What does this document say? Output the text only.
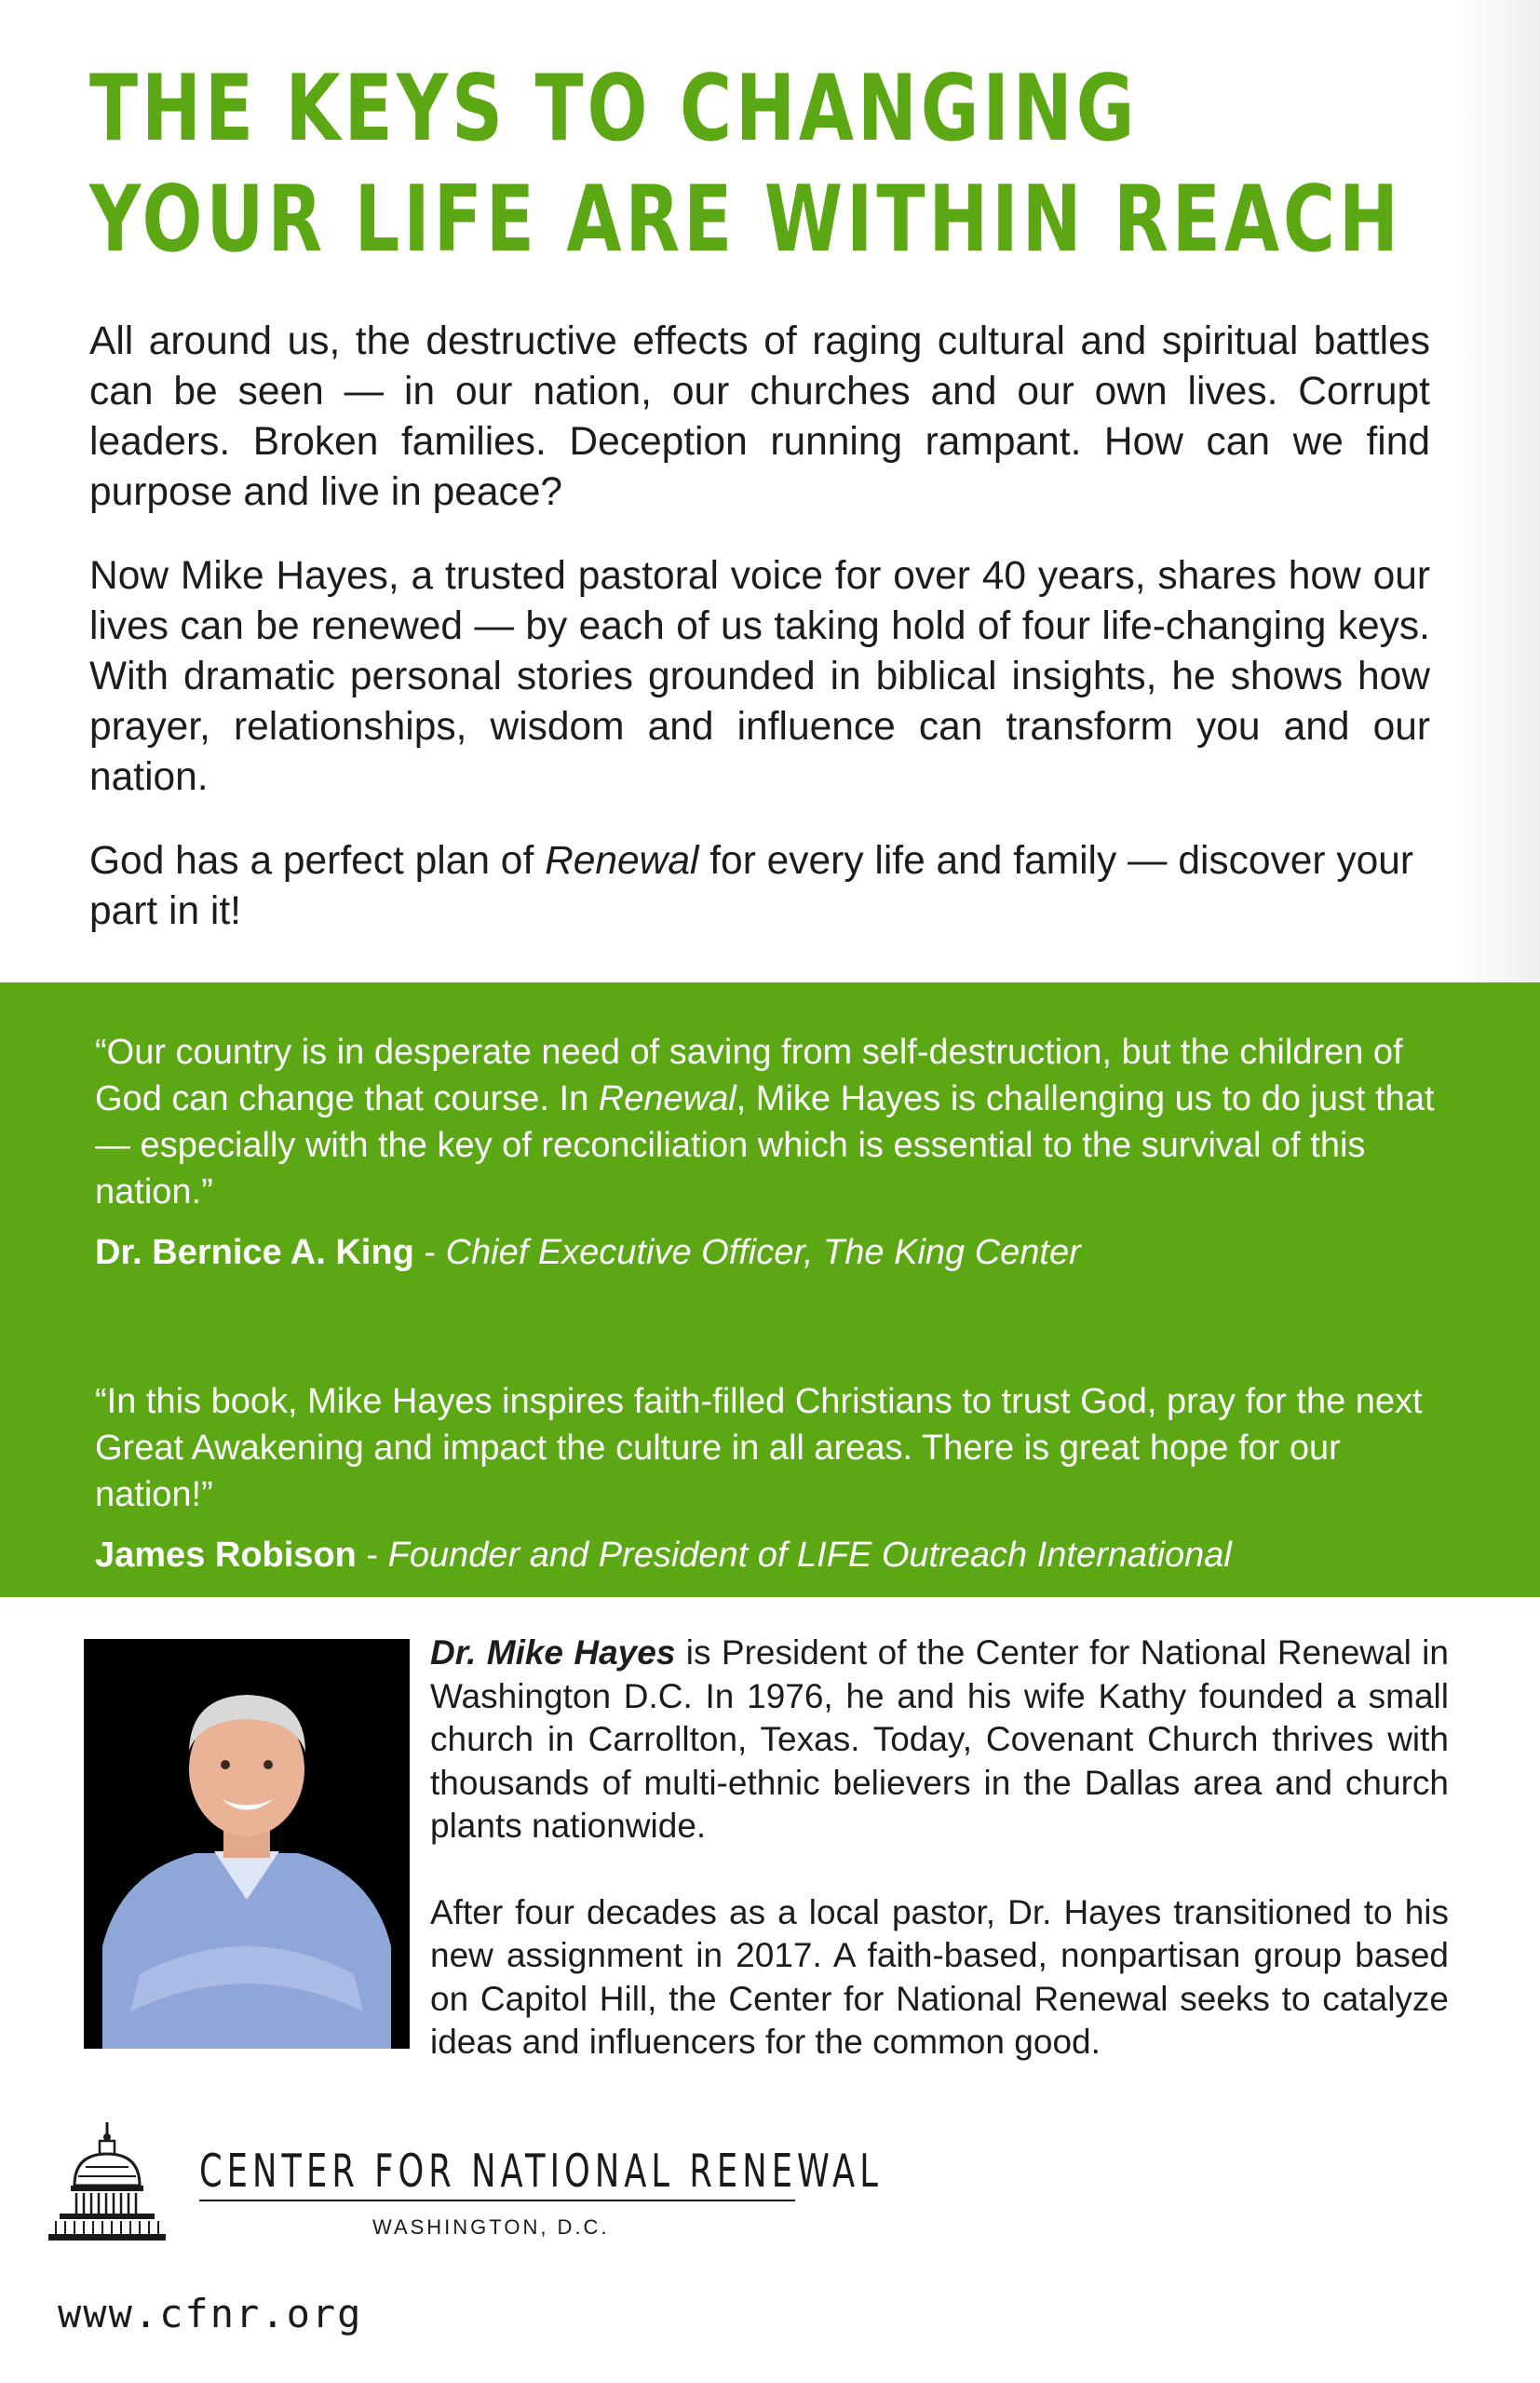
THE KEYS TO CHANGING
YOUR LIFE ARE WITHIN REACH

All around us, the destructive effects of raging cultural and spiritual battles can be seen — in our nation, our churches and our own lives. Corrupt leaders. Broken families. Deception running rampant. How can we find purpose and live in peace?

Now Mike Hayes, a trusted pastoral voice for over 40 years, shares how our lives can be renewed — by each of us taking hold of four life-changing keys. With dramatic personal stories grounded in biblical insights, he shows how prayer, relationships, wisdom and influence can transform you and our nation.

God has a perfect plan of Renewal for every life and family — discover your part in it!

“Our country is in desperate need of saving from self-destruction, but the children of God can change that course. In Renewal, Mike Hayes is challenging us to do just that — especially with the key of reconciliation which is essential to the survival of this nation.”

Dr. Bernice A. King - Chief Executive Officer, The King Center

“In this book, Mike Hayes inspires faith-filled Christians to trust God, pray for the next Great Awakening and impact the culture in all areas. There is great hope for our nation!”

James Robison - Founder and President of LIFE Outreach International

Dr. Mike Hayes is President of the Center for National Renewal in Washington D.C. In 1976, he and his wife Kathy founded a small church in Carrollton, Texas. Today, Covenant Church thrives with thousands of multi-ethnic believers in the Dallas area and church plants nationwide.

After four decades as a local pastor, Dr. Hayes transitioned to his new assignment in 2017. A faith-based, nonpartisan group based on Capitol Hill, the Center for National Renewal seeks to catalyze ideas and influencers for the common good.

CENTER FOR NATIONAL RENEWAL
WASHINGTON, D.C.
www.cfnr.org
